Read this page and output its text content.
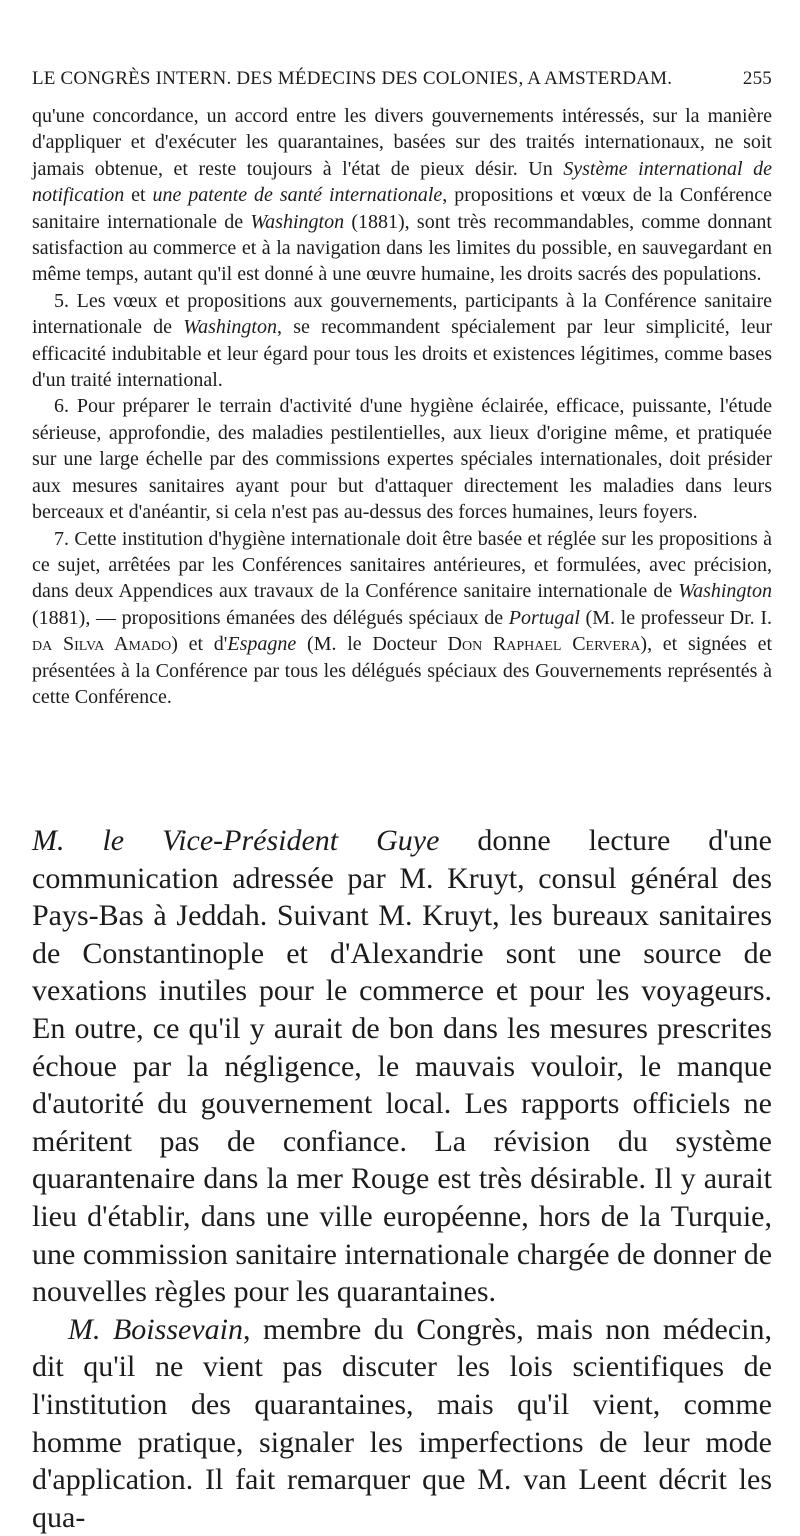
LE CONGRÈS INTERN. DES MÉDECINS DES COLONIES, A AMSTERDAM.	255

qu'une concordance, un accord entre les divers gouvernements intéressés, sur la manière d'appliquer et d'exécuter les quarantaines, basées sur des traités internationaux, ne soit jamais obtenue, et reste toujours à l'état de pieux désir. Un Système international de notification et une patente de santé internationale, propositions et vœux de la Conférence sanitaire internationale de Washington (1881), sont très recommandables, comme donnant satisfaction au commerce et à la navigation dans les limites du possible, en sauvegardant en même temps, autant qu'il est donné à une œuvre humaine, les droits sacrés des populations.

5. Les vœux et propositions aux gouvernements, participants à la Conférence sanitaire internationale de Washington, se recommandent spécialement par leur simplicité, leur efficacité indubitable et leur égard pour tous les droits et existences légitimes, comme bases d'un traité international.

6. Pour préparer le terrain d'activité d'une hygiène éclairée, efficace, puissante, l'étude sérieuse, approfondie, des maladies pestilentielles, aux lieux d'origine même, et pratiquée sur une large échelle par des commissions expertes spéciales internationales, doit présider aux mesures sanitaires ayant pour but d'attaquer directement les maladies dans leurs berceaux et d'anéantir, si cela n'est pas au-dessus des forces humaines, leurs foyers.

7. Cette institution d'hygiène internationale doit être basée et réglée sur les propositions à ce sujet, arrêtées par les Conférences sanitaires antérieures, et formulées, avec précision, dans deux Appendices aux travaux de la Conférence sanitaire internationale de Washington (1881), — propositions émanées des délégués spéciaux de Portugal (M. le professeur Dr. I. da Silva Amado) et d'Espagne (M. le Docteur Don Raphael Cervera), et signées et présentées à la Conférence par tous les délégués spéciaux des Gouvernements représentés à cette Conférence.

M. le Vice-Président Guye donne lecture d'une communication adressée par M. Kruyt, consul général des Pays-Bas à Jeddah. Suivant M. Kruyt, les bureaux sanitaires de Constantinople et d'Alexandrie sont une source de vexations inutiles pour le commerce et pour les voyageurs. En outre, ce qu'il y aurait de bon dans les mesures prescrites échoue par la négligence, le mauvais vouloir, le manque d'autorité du gouvernement local. Les rapports officiels ne méritent pas de confiance. La révision du système quarantenaire dans la mer Rouge est très désirable. Il y aurait lieu d'établir, dans une ville européenne, hors de la Turquie, une commission sanitaire internationale chargée de donner de nouvelles règles pour les quarantaines.

M. Boissevain, membre du Congrès, mais non médecin, dit qu'il ne vient pas discuter les lois scientifiques de l'institution des quarantaines, mais qu'il vient, comme homme pratique, signaler les imperfections de leur mode d'application. Il fait remarquer que M. van Leent décrit les qua-
